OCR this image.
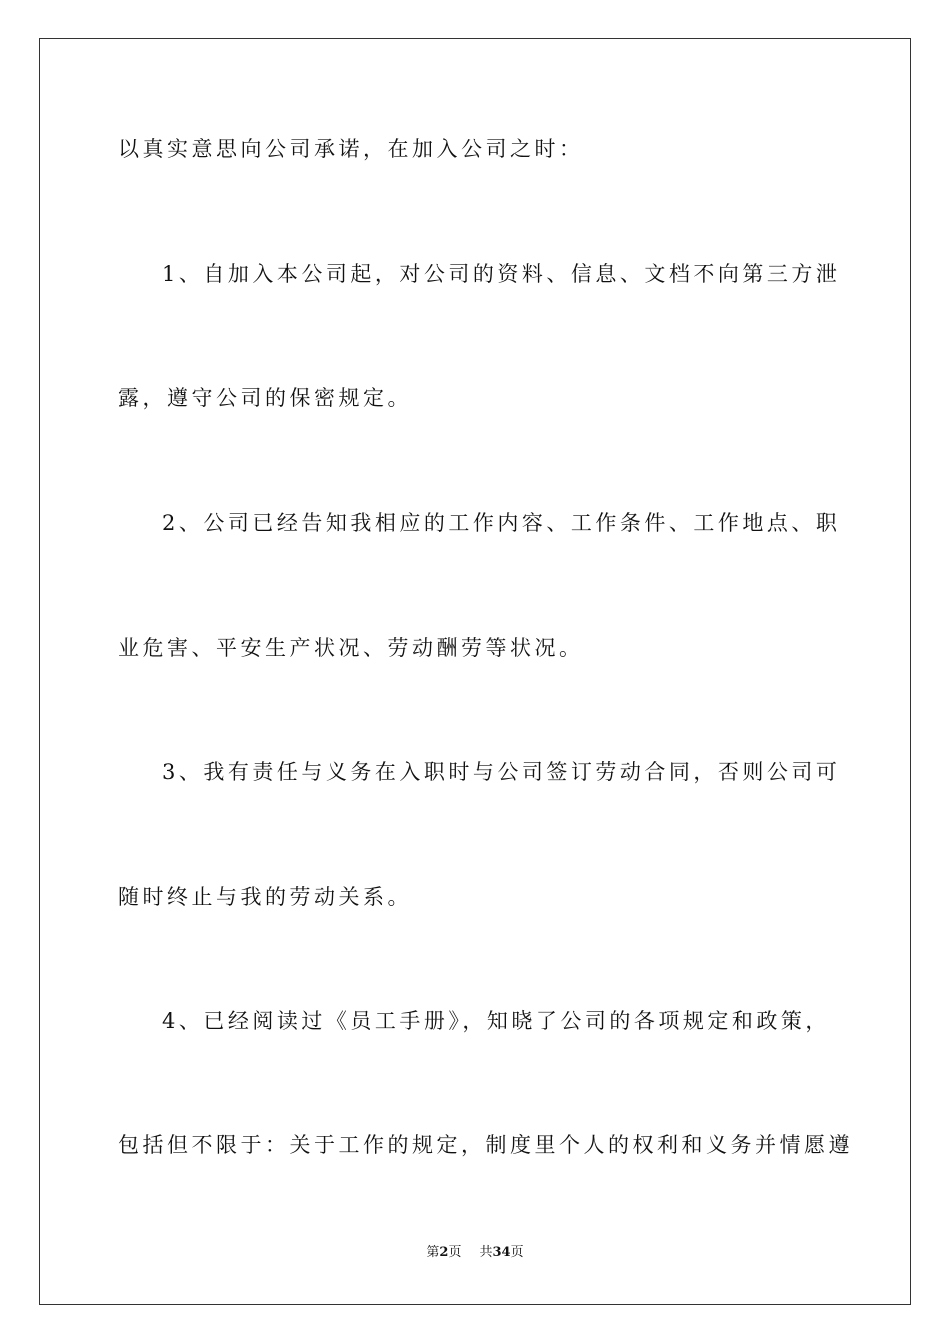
以真实意思向公司承诺，在加入公司之时：
1、自加入本公司起，对公司的资料、信息、文档不向第三方泄
露，遵守公司的保密规定。
2、公司已经告知我相应的工作内容、工作条件、工作地点、职
业危害、平安生产状况、劳动酬劳等状况。
3、我有责任与义务在入职时与公司签订劳动合同，否则公司可
随时终止与我的劳动关系。
4、已经阅读过《员工手册》，知晓了公司的各项规定和政策，
包括但不限于：关于工作的规定，制度里个人的权利和义务并情愿遵
第2页 共34页
